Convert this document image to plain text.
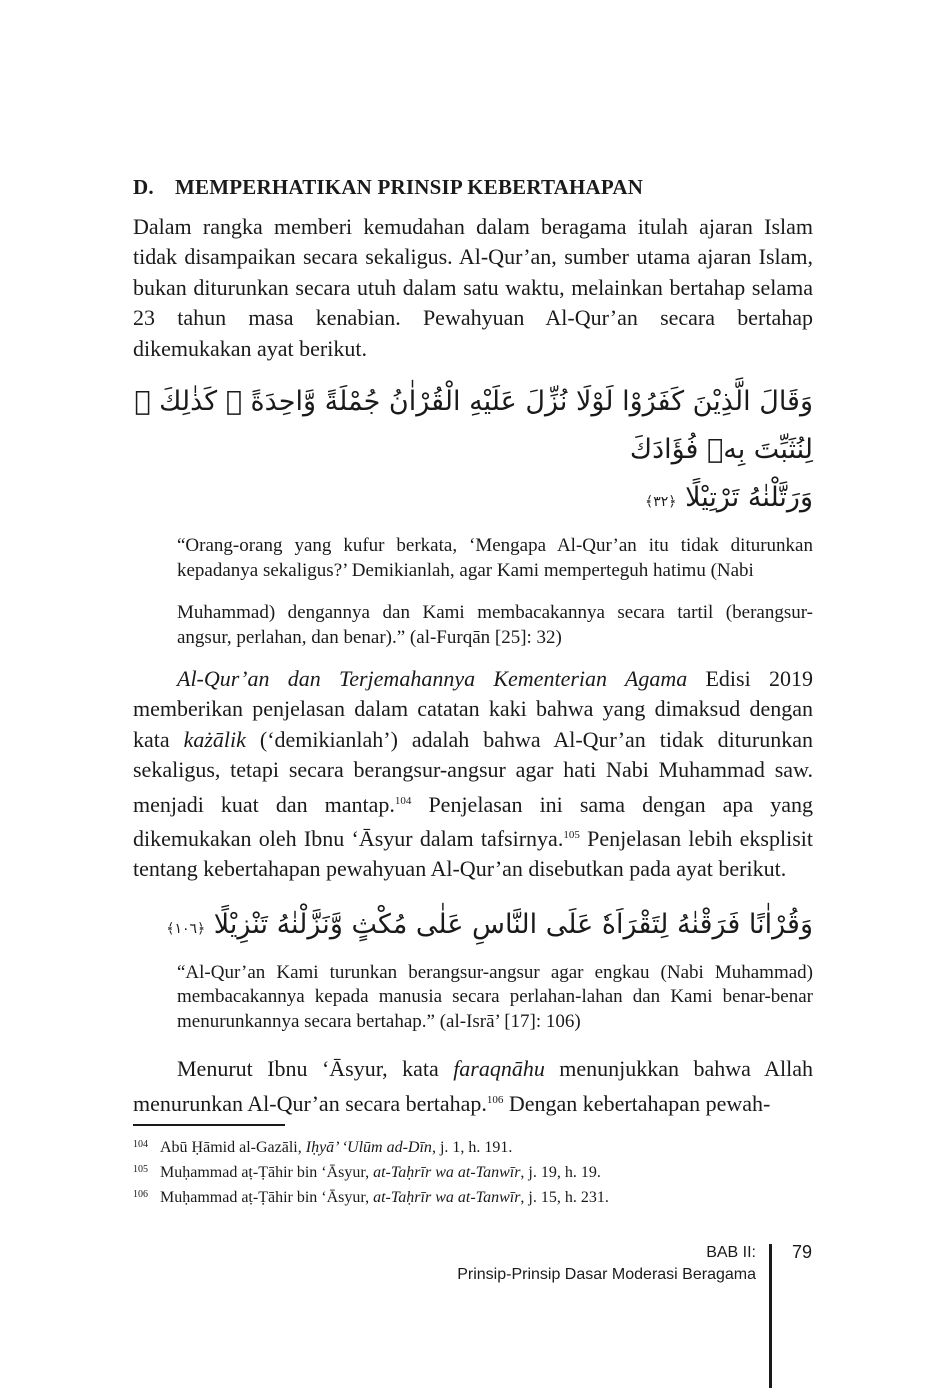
D. MEMPERHATIKAN PRINSIP KEBERTAHAPAN

Dalam rangka memberi kemudahan dalam beragama itulah ajaran Islam tidak disampaikan secara sekaligus. Al-Qur’an, sumber utama ajaran Islam, bukan diturunkan secara utuh dalam satu waktu, melainkan bertahap selama 23 tahun masa kenabian. Pewahyuan Al-Qur’an secara bertahap dikemukakan ayat berikut.

وَقَالَ الَّذِيْنَ كَفَرُوْا لَوْلَا نُزِّلَ عَلَيْهِ الْقُرْاٰنُ جُمْلَةً وَّاحِدَةً ۛ كَذٰلِكَ ۛ لِنُثَبِّتَ بِهٖ فُؤَادَكَ
وَرَتَّلْنٰهُ تَرْتِيْلًا ﴿٣٢﴾

“Orang-orang yang kufur berkata, ‘Mengapa Al-Qur’an itu tidak diturunkan kepadanya sekaligus?’ Demikianlah, agar Kami memperteguh hatimu (Nabi

Muhammad) dengannya dan Kami membacakannya secara tartil (berangsur-angsur, perlahan, dan benar).” (al-Furqān [25]: 32)

Al-Qur’an dan Terjemahannya Kementerian Agama Edisi 2019 memberikan penjelasan dalam catatan kaki bahwa yang dimaksud dengan kata każālik (‘demikianlah’) adalah bahwa Al-Qur’an tidak diturunkan sekaligus, tetapi secara berangsur-angsur agar hati Nabi Muhammad saw. menjadi kuat dan mantap.$^{104}$ Penjelasan ini sama dengan apa yang dikemukakan oleh Ibnu ‘Āsyur dalam tafsirnya.$^{105}$ Penjelasan lebih eksplisit tentang kebertahapan pewahyuan Al-Qur’an disebutkan pada ayat berikut.

وَقُرْاٰنًا فَرَقْنٰهُ لِتَقْرَاَهٗ عَلَى النَّاسِ عَلٰى مُكْثٍ وَّنَزَّلْنٰهُ تَنْزِيْلًا ﴿١٠٦﴾

“Al-Qur’an Kami turunkan berangsur-angsur agar engkau (Nabi Muhammad) membacakannya kepada manusia secara perlahan-lahan dan Kami benar-benar menurunkannya secara bertahap.” (al-Isrā’ [17]: 106)

Menurut Ibnu ‘Āsyur, kata faraqnāhu menunjukkan bahwa Allah menurunkan Al-Qur’an secara bertahap.$^{106}$ Dengan kebertahapan pewah-

$^{104}$ Abū Ḥāmid al-Gazāli, Iḥyā’ ‘Ulūm ad-Dīn, j. 1, h. 191.

$^{105}$ Muḥammad aṭ-Ṭāhir bin ‘Āsyur, at-Taḥrīr wa at-Tanwīr, j. 19, h. 19.

$^{106}$ Muḥammad aṭ-Ṭāhir bin ‘Āsyur, at-Taḥrīr wa at-Tanwīr, j. 15, h. 231.

BAB II:
Prinsip-Prinsip Dasar Moderasi Beragama
79
